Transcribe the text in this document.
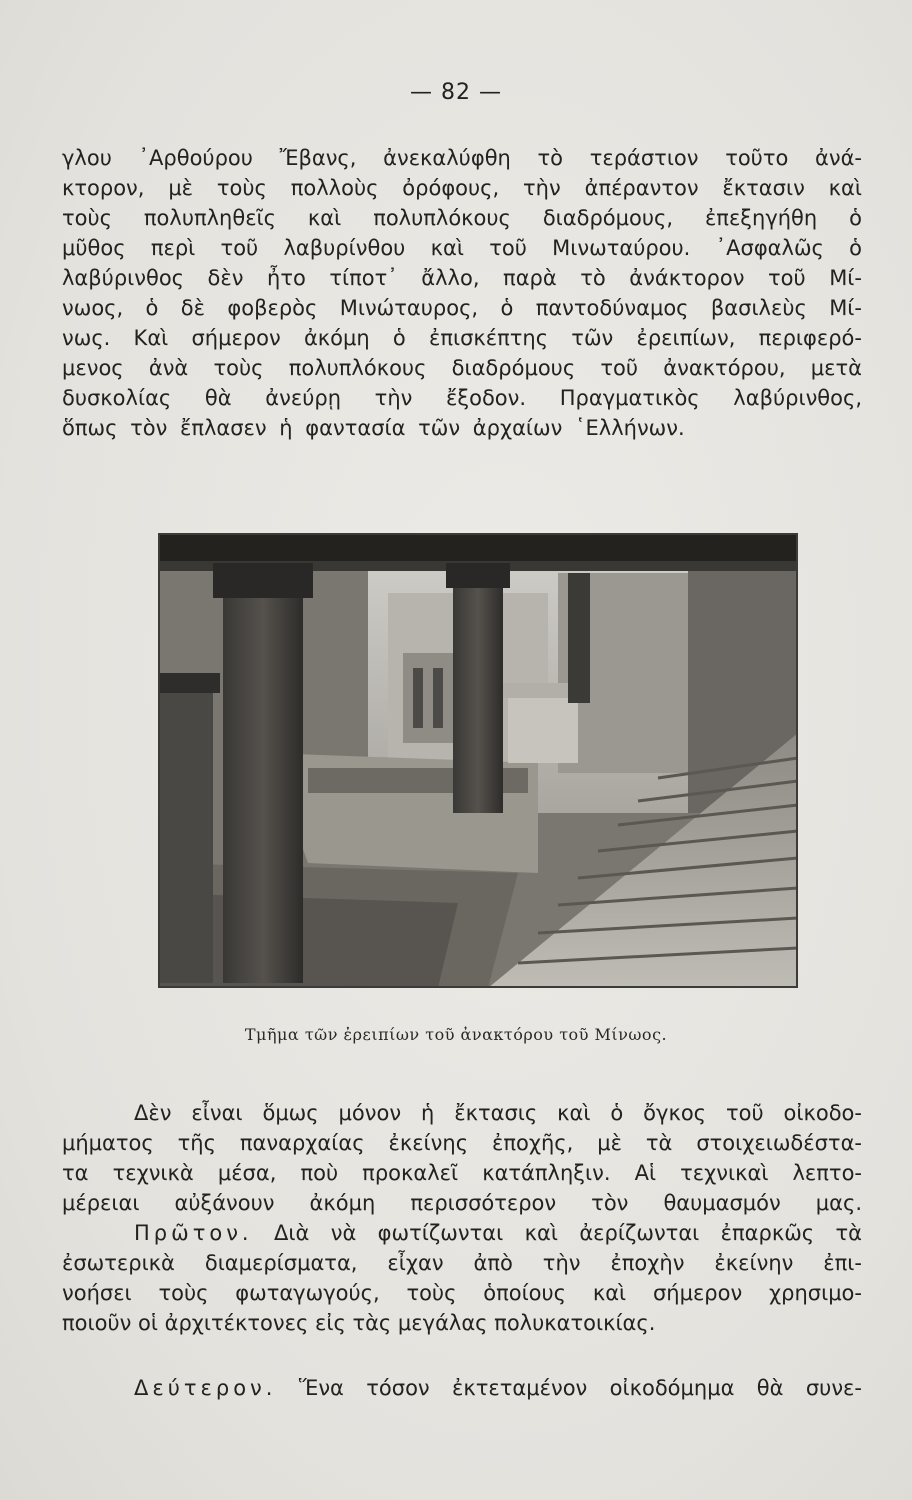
— 82 —
γλου ᾿Αρθούρου Ἔβανς, ἀνεκαλύφθη τὸ τεράστιον τοῦτο ἀνά-
κτορον, μὲ τοὺς πολλοὺς ὀρόφους, τὴν ἀπέραντον ἔκτασιν καὶ
τοὺς πολυπληθεῖς καὶ πολυπλόκους διαδρόμους, ἐπεξηγήθη ὁ
μῦθος περὶ τοῦ λαβυρίνθου καὶ τοῦ Μινωταύρου. ᾿Ασφαλῶς ὁ
λαβύρινθος δὲν ἦτο τίποτ᾿ ἄλλο, παρὰ τὸ ἀνάκτορον τοῦ Μί-
νωος, ὁ δὲ φοβερὸς Μινώταυρος, ὁ παντοδύναμος βασιλεὺς Μί-
νως. Καὶ σήμερον ἀκόμη ὁ ἐπισκέπτης τῶν ἐρειπίων, περιφερό-
μενος ἀνὰ τοὺς πολυπλόκους διαδρόμους τοῦ ἀνακτόρου, μετὰ
δυσκολίας θὰ ἀνεύρῃ τὴν ἔξοδον. Πραγματικὸς λαβύρινθος,
ὅπως τὸν ἔπλασεν ἡ φαντασία τῶν ἀρχαίων ῾Ελλήνων.
Τμῆμα τῶν ἐρειπίων τοῦ ἀνακτόρου τοῦ Μίνωος.
Δὲν εἶναι ὅμως μόνον ἡ ἔκτασις καὶ ὁ ὄγκος τοῦ οἰκοδο-
μήματος τῆς παναρχαίας ἐκείνης ἐποχῆς, μὲ τὰ στοιχειωδέστα-
τα τεχνικὰ μέσα, ποὺ προκαλεῖ κατάπληξιν. Αἱ τεχνικαὶ λεπτο-
μέρειαι αὐξάνουν ἀκόμη περισσότερον τὸν θαυμασμόν μας.
Πρῶτον. Διὰ νὰ φωτίζωνται καὶ ἀερίζωνται ἐπαρκῶς τὰ
ἐσωτερικὰ διαμερίσματα, εἶχαν ἀπὸ τὴν ἐποχὴν ἐκείνην ἐπι-
νοήσει τοὺς φωταγωγούς, τοὺς ὁποίους καὶ σήμερον χρησιμο-
ποιοῦν οἱ ἀρχιτέκτονες εἰς τὰς μεγάλας πολυκατοικίας.
Δεύτερον. Ἕνα τόσον ἐκτεταμένον οἰκοδόμημα θὰ συνε-
